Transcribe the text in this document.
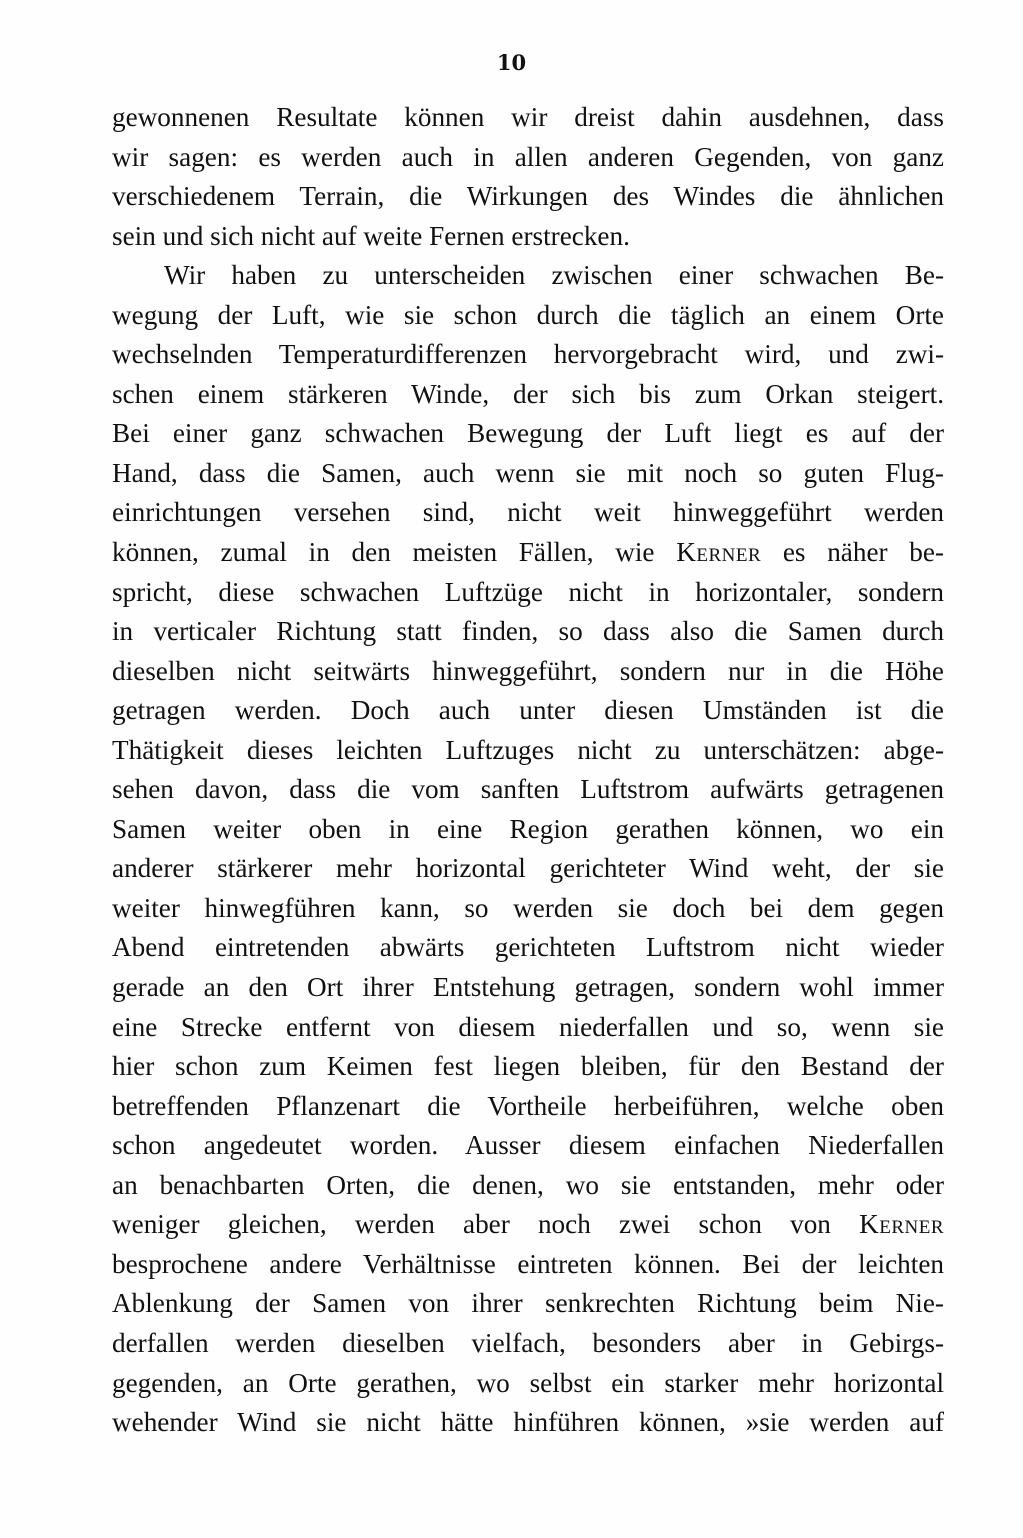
10
gewonnenen Resultate können wir dreist dahin ausdehnen, dass
wir sagen: es werden auch in allen anderen Gegenden, von ganz
verschiedenem Terrain, die Wirkungen des Windes die ähnlichen
sein und sich nicht auf weite Fernen erstrecken.
Wir haben zu unterscheiden zwischen einer schwachen Be-
wegung der Luft, wie sie schon durch die täglich an einem Orte
wechselnden Temperaturdifferenzen hervorgebracht wird, und zwi-
schen einem stärkeren Winde, der sich bis zum Orkan steigert.
Bei einer ganz schwachen Bewegung der Luft liegt es auf der
Hand, dass die Samen, auch wenn sie mit noch so guten Flug-
einrichtungen versehen sind, nicht weit hinweggeführt werden
können, zumal in den meisten Fällen, wie Kerner es näher be-
spricht, diese schwachen Luftzüge nicht in horizontaler, sondern
in verticaler Richtung statt finden, so dass also die Samen durch
dieselben nicht seitwärts hinweggeführt, sondern nur in die Höhe
getragen werden. Doch auch unter diesen Umständen ist die
Thätigkeit dieses leichten Luftzuges nicht zu unterschätzen: abge-
sehen davon, dass die vom sanften Luftstrom aufwärts getragenen
Samen weiter oben in eine Region gerathen können, wo ein
anderer stärkerer mehr horizontal gerichteter Wind weht, der sie
weiter hinwegführen kann, so werden sie doch bei dem gegen
Abend eintretenden abwärts gerichteten Luftstrom nicht wieder
gerade an den Ort ihrer Entstehung getragen, sondern wohl immer
eine Strecke entfernt von diesem niederfallen und so, wenn sie
hier schon zum Keimen fest liegen bleiben, für den Bestand der
betreffenden Pflanzenart die Vortheile herbeiführen, welche oben
schon angedeutet worden. Ausser diesem einfachen Niederfallen
an benachbarten Orten, die denen, wo sie entstanden, mehr oder
weniger gleichen, werden aber noch zwei schon von Kerner
besprochene andere Verhältnisse eintreten können. Bei der leichten
Ablenkung der Samen von ihrer senkrechten Richtung beim Nie-
derfallen werden dieselben vielfach, besonders aber in Gebirgs-
gegenden, an Orte gerathen, wo selbst ein starker mehr horizontal
wehender Wind sie nicht hätte hinführen können, »sie werden auf
